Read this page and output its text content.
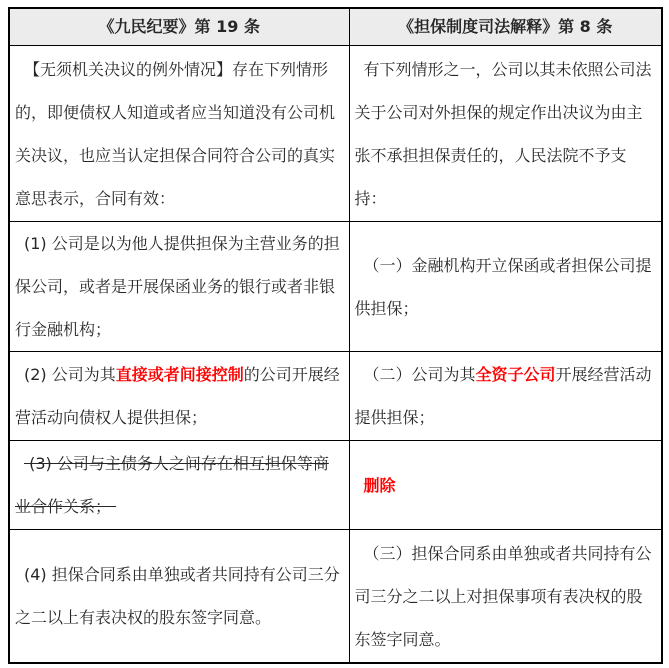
《九民纪要》第 19 条	《担保制度司法解释》第 8 条
【无须机关决议的例外情况】存在下列情形的，即便债权人知道或者应当知道没有公司机关决议，也应当认定担保合同符合公司的真实意思表示，合同有效：	有下列情形之一，公司以其未依照公司法关于公司对外担保的规定作出决议为由主张不承担担保责任的，人民法院不予支持：
(1) 公司是以为他人提供担保为主营业务的担保公司，或者是开展保函业务的银行或者非银行金融机构；	（一）金融机构开立保函或者担保公司提供担保；
(2) 公司为其直接或者间接控制的公司开展经营活动向债权人提供担保；	（二）公司为其全资子公司开展经营活动提供担保；
(3) 公司与主债务人之间存在相互担保等商业合作关系；	删除
(4) 担保合同系由单独或者共同持有公司三分之二以上有表决权的股东签字同意。	（三）担保合同系由单独或者共同持有公司三分之二以上对担保事项有表决权的股东签字同意。
